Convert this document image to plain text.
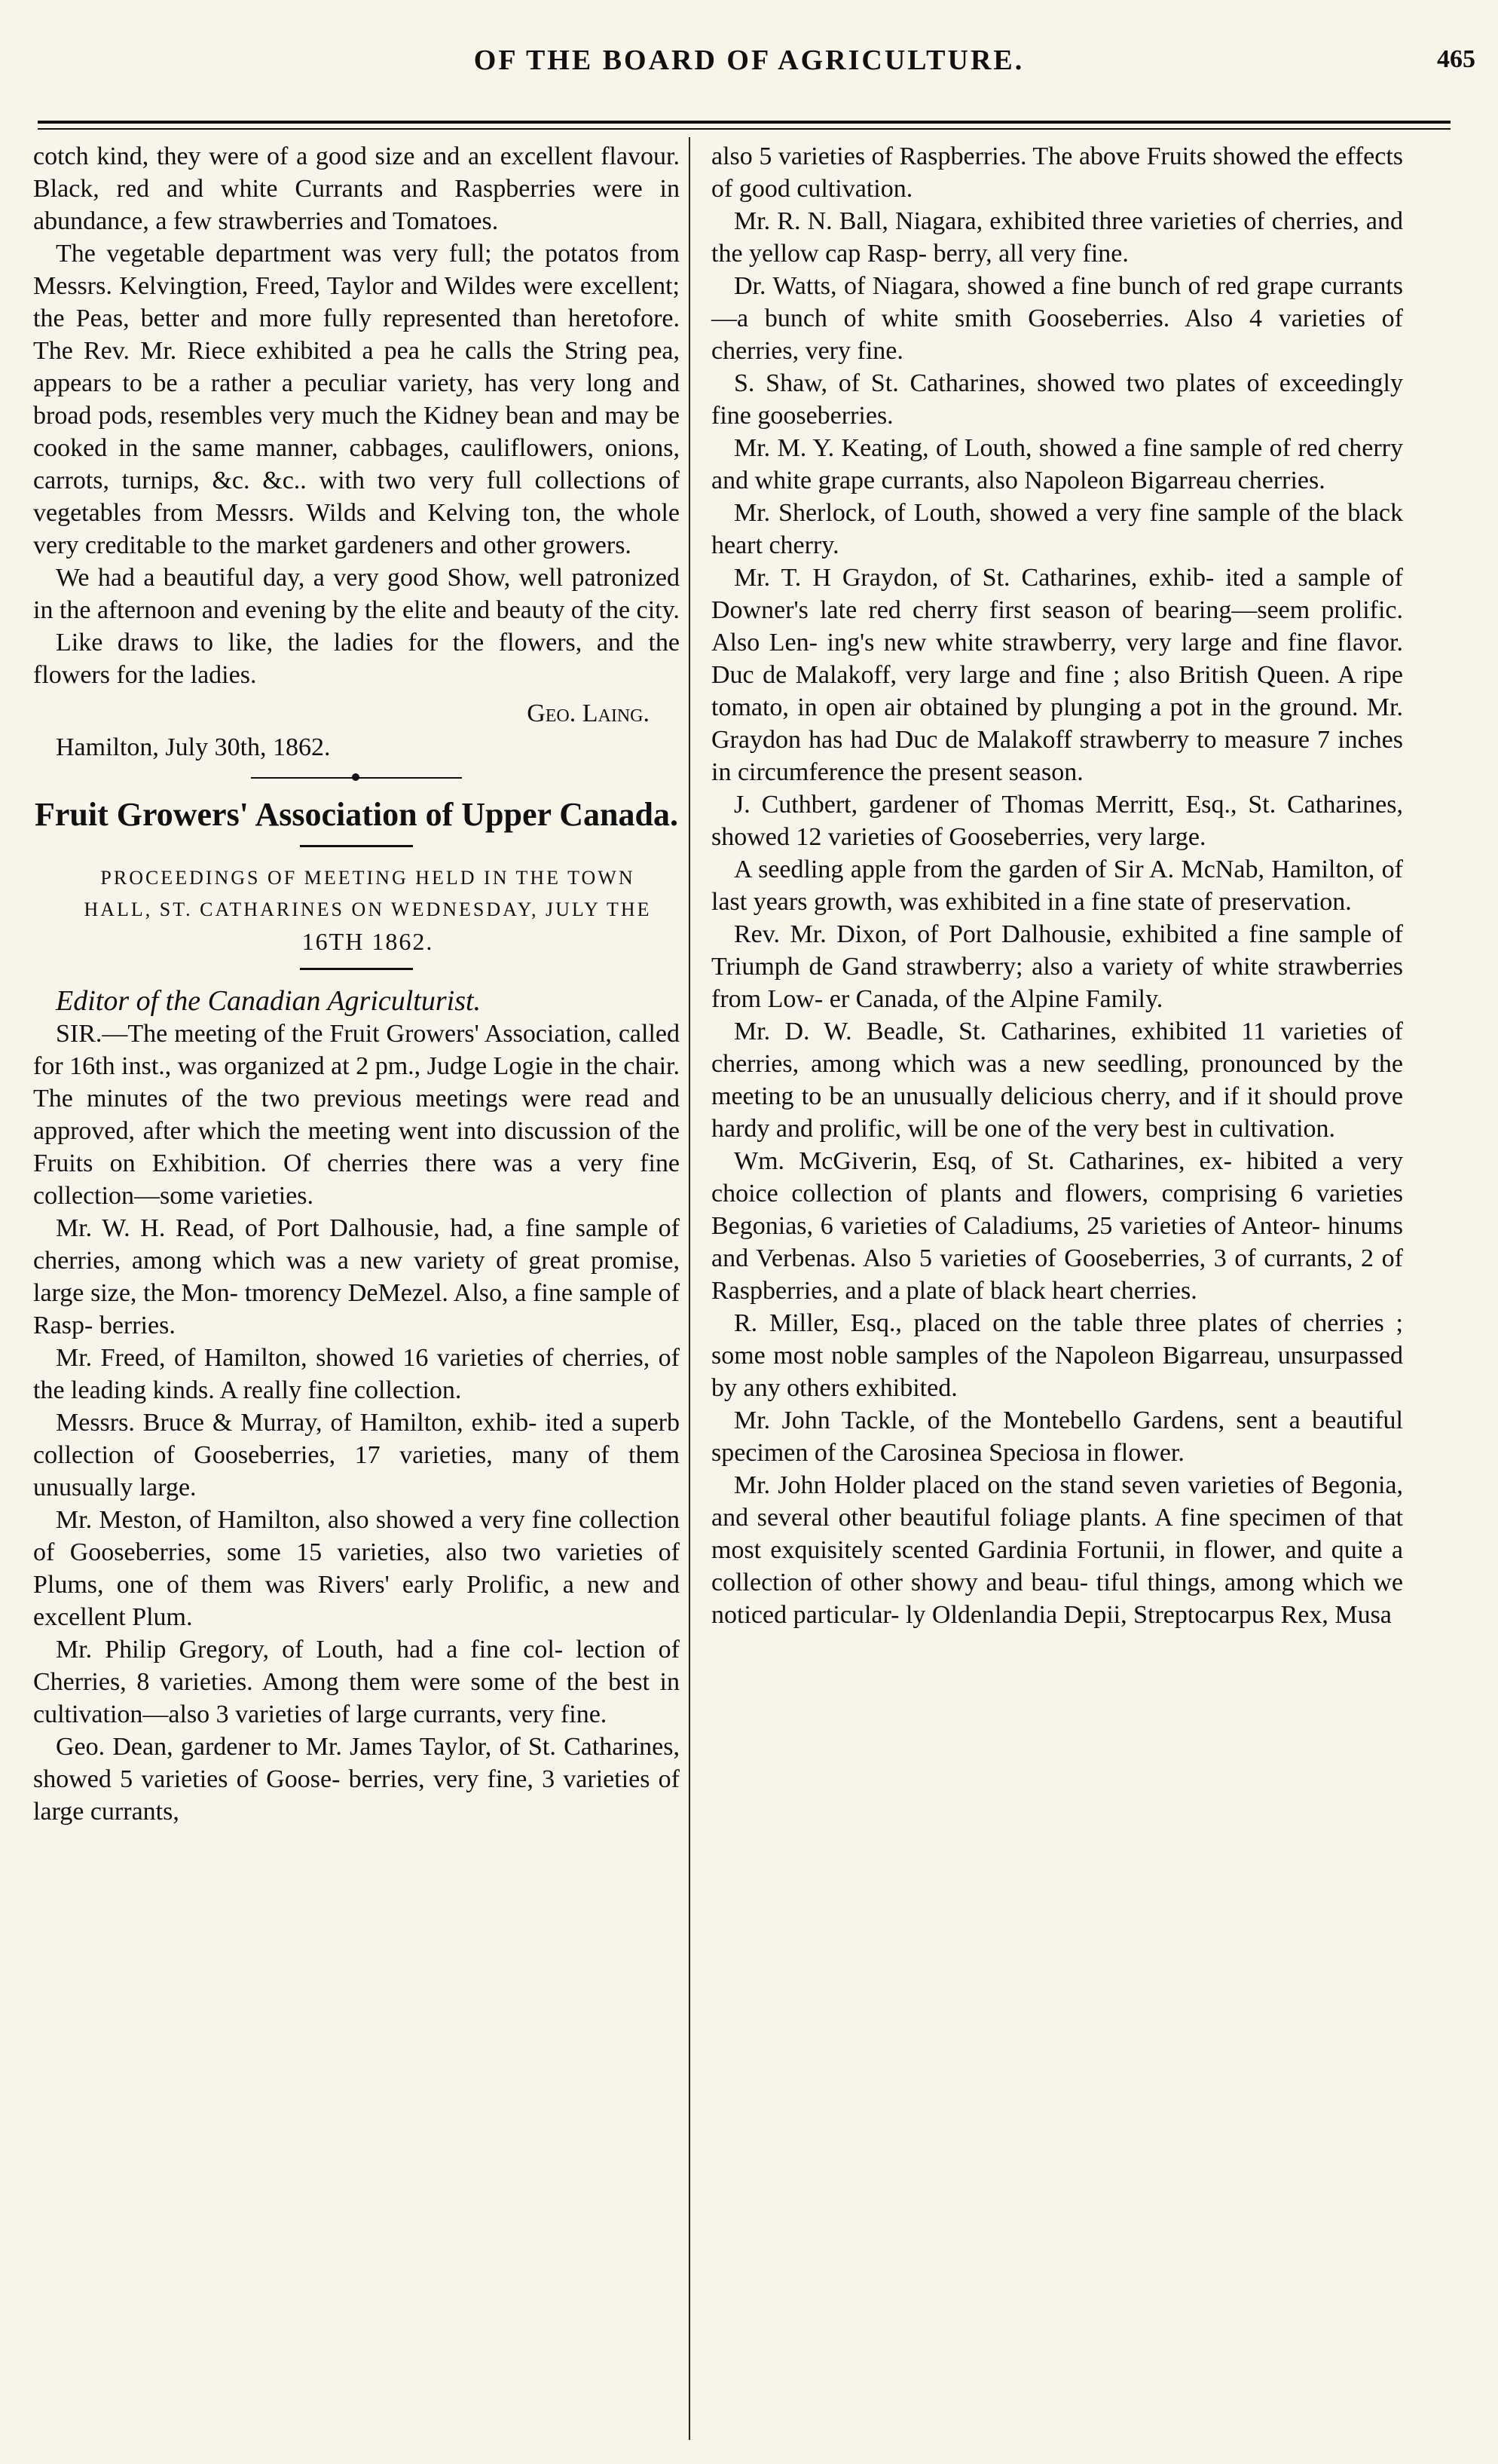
OF THE BOARD OF AGRICULTURE.	465

cotch kind, they were of a good size and an excellent flavour. Black, red and white Currants and Raspberries were in abundance, a few strawberries and Tomatoes.

The vegetable department was very full; the potatos from Messrs. Kelvingtion, Freed, Taylor and Wildes were excellent; the Peas, better and more fully represented than heretofore. The Rev. Mr. Riece exhibited a pea he calls the String pea, appears to be a rather a peculiar variety, has very long and broad pods, resembles very much the Kidney bean and may be cooked in the same manner, cabbages, cauliflowers, onions, carrots, turnips, &c. &c.. with two very full collections of vegetables from Messrs. Wilds and Kelving ton, the whole very creditable to the market gardeners and other growers.

We had a beautiful day, a very good Show, well patronized in the afternoon and evening by the elite and beauty of the city.

Like draws to like, the ladies for the flowers, and the flowers for the ladies.

Geo. Laing.

Hamilton, July 30th, 1862.

Fruit Growers' Association of Upper Canada.

PROCEEDINGS OF MEETING HELD IN THE TOWN

HALL, ST. CATHARINES ON WEDNESDAY, JULY THE

16TH 1862.

Editor of the Canadian Agriculturist.

SIR.—The meeting of the Fruit Growers' Association, called for 16th inst., was organized at 2 pm., Judge Logie in the chair. The minutes of the two previous meetings were read and approved, after which the meeting went into discussion of the Fruits on Exhibition. Of cherries there was a very fine collection—some varieties.

Mr. W. H. Read, of Port Dalhousie, had, a fine sample of cherries, among which was a new variety of great promise, large size, the Mon- tmorency DeMezel. Also, a fine sample of Rasp- berries.

Mr. Freed, of Hamilton, showed 16 varieties of cherries, of the leading kinds. A really fine collection.

Messrs. Bruce & Murray, of Hamilton, exhib- ited a superb collection of Gooseberries, 17 varieties, many of them unusually large.

Mr. Meston, of Hamilton, also showed a very fine collection of Gooseberries, some 15 varieties, also two varieties of Plums, one of them was Rivers' early Prolific, a new and excellent Plum.

Mr. Philip Gregory, of Louth, had a fine col- lection of Cherries, 8 varieties. Among them were some of the best in cultivation—also 3 varieties of large currants, very fine.

Geo. Dean, gardener to Mr. James Taylor, of St. Catharines, showed 5 varieties of Goose- berries, very fine, 3 varieties of large currants,

also 5 varieties of Raspberries. The above Fruits showed the effects of good cultivation.

Mr. R. N. Ball, Niagara, exhibited three varieties of cherries, and the yellow cap Rasp- berry, all very fine.

Dr. Watts, of Niagara, showed a fine bunch of red grape currants—a bunch of white smith Gooseberries. Also 4 varieties of cherries, very fine.

S. Shaw, of St. Catharines, showed two plates of exceedingly fine gooseberries.

Mr. M. Y. Keating, of Louth, showed a fine sample of red cherry and white grape currants, also Napoleon Bigarreau cherries.

Mr. Sherlock, of Louth, showed a very fine sample of the black heart cherry.

Mr. T. H Graydon, of St. Catharines, exhib- ited a sample of Downer's late red cherry first season of bearing—seem prolific. Also Len- ing's new white strawberry, very large and fine flavor. Duc de Malakoff, very large and fine ; also British Queen. A ripe tomato, in open air obtained by plunging a pot in the ground. Mr. Graydon has had Duc de Malakoff strawberry to measure 7 inches in circumference the present season.

J. Cuthbert, gardener of Thomas Merritt, Esq., St. Catharines, showed 12 varieties of Gooseberries, very large.

A seedling apple from the garden of Sir A. McNab, Hamilton, of last years growth, was exhibited in a fine state of preservation.

Rev. Mr. Dixon, of Port Dalhousie, exhibited a fine sample of Triumph de Gand strawberry; also a variety of white strawberries from Low- er Canada, of the Alpine Family.

Mr. D. W. Beadle, St. Catharines, exhibited 11 varieties of cherries, among which was a new seedling, pronounced by the meeting to be an unusually delicious cherry, and if it should prove hardy and prolific, will be one of the very best in cultivation.

Wm. McGiverin, Esq, of St. Catharines, ex- hibited a very choice collection of plants and flowers, comprising 6 varieties Begonias, 6 varieties of Caladiums, 25 varieties of Anteor- hinums and Verbenas. Also 5 varieties of Gooseberries, 3 of currants, 2 of Raspberries, and a plate of black heart cherries.

R. Miller, Esq., placed on the table three plates of cherries ; some most noble samples of the Napoleon Bigarreau, unsurpassed by any others exhibited.

Mr. John Tackle, of the Montebello Gardens, sent a beautiful specimen of the Carosinea Speciosa in flower.

Mr. John Holder placed on the stand seven varieties of Begonia, and several other beautiful foliage plants. A fine specimen of that most exquisitely scented Gardinia Fortunii, in flower, and quite a collection of other showy and beau- tiful things, among which we noticed particular- ly Oldenlandia Depii, Streptocarpus Rex, Musa
